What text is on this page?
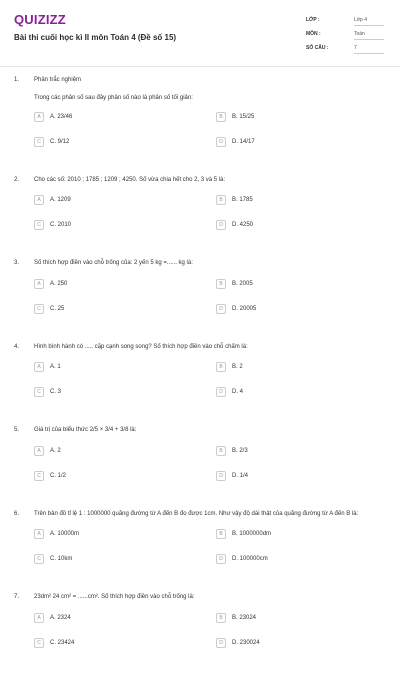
QUIZIZZ
Bài thi cuối học kì II môn Toán 4 (Đề số 15)
LỚP :	Lớp 4
MÔN :	Toán
SỐ CÂU :	7
1. Phân trắc nghiệm
Trong các phân số sau đây phân số nào là phân số tối giản:
A	A. 23/46	B	B. 15/25
C	C. 9/12	D	D. 14/17
2. Cho các số: 2010 ; 1785 ; 1209 ; 4250. Số vừa chia hết cho 2, 3 và 5 là:
A	A. 1209	B	B. 1785
C	C. 2010	D	D. 4250
3. Số thích hợp điền vào chỗ trống của: 2 yến 5 kg =...... kg là:
A	A. 250	B	B. 2005
C	C. 25	D	D. 20005
4. Hình bình hành có ..... cặp cạnh song song? Số thích hợp điền vào chỗ chấm là:
A	A. 1	B	B. 2
C	C. 3	D	D. 4
5. Giá trị của biểu thức 2/5 × 3/4 + 3/8 là:
A	A. 2	B	B. 2/3
C	C. 1/2	D	D. 1/4
6. Trên bản đồ tỉ lệ 1 : 1000000 quãng đường từ A đến B đo được 1cm. Như vậy độ dài thật của quãng đường từ A đến B là:
A	A. 10000m	B	B. 1000000dm
C	C. 10km	D	D. 100000cm
7. 23dm² 24 cm² = ......cm². Số thích hợp điền vào chỗ trống là:
A	A. 2324	B	B. 23024
C	C. 23424	D	D. 230024
